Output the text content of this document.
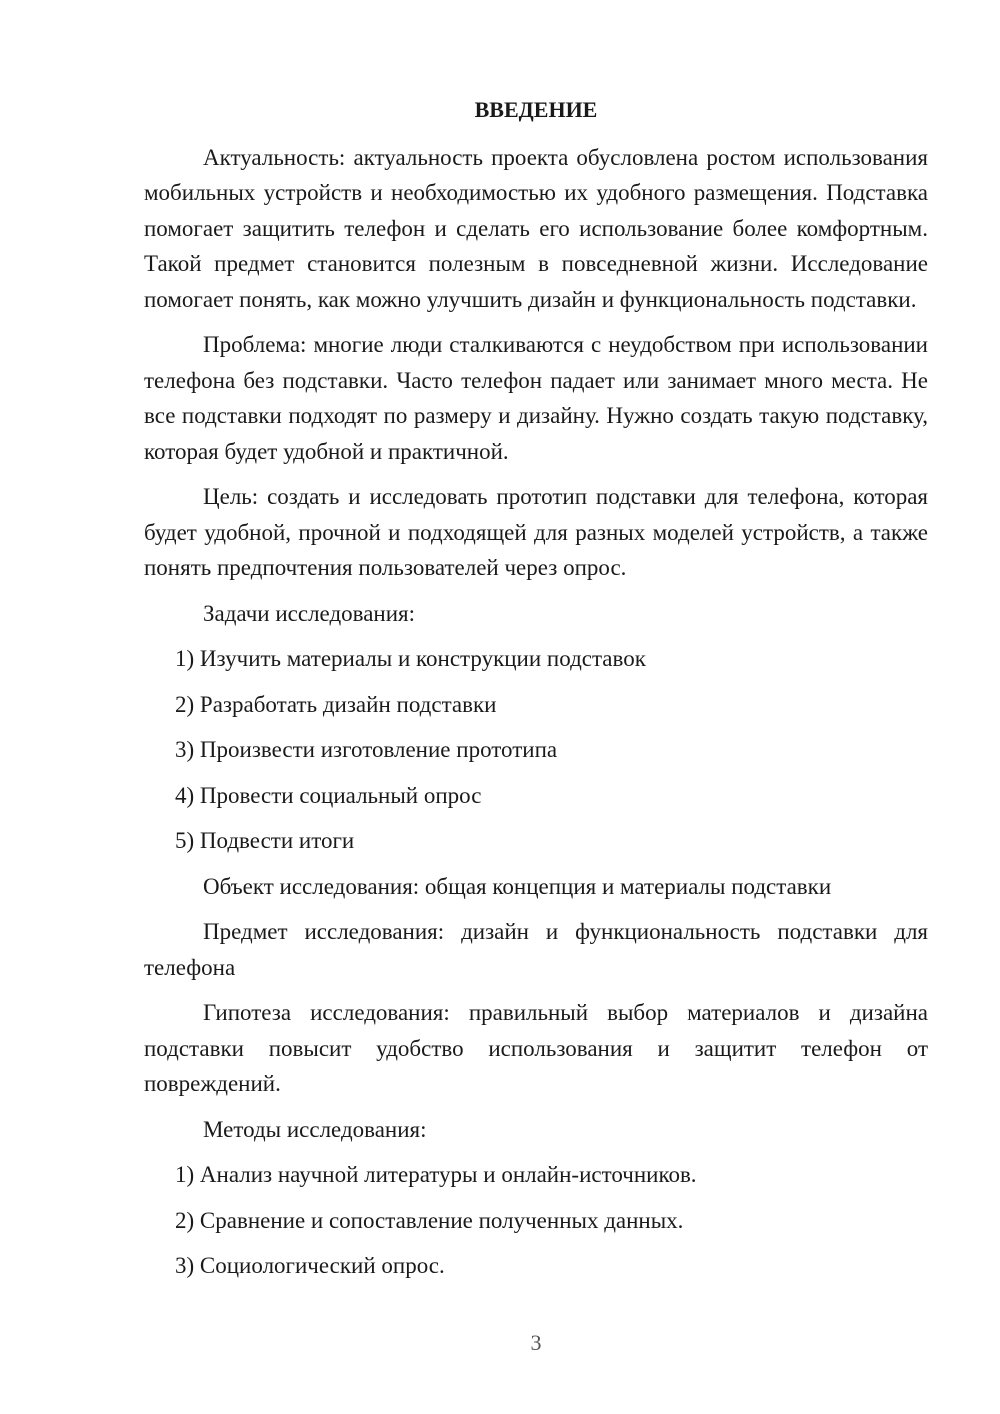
ВВЕДЕНИЕ

Актуальность: актуальность проекта обусловлена ростом использования мобильных устройств и необходимостью их удобного размещения. Подставка помогает защитить телефон и сделать его использование более комфортным. Такой предмет становится полезным в повседневной жизни. Исследование помогает понять, как можно улучшить дизайн и функциональность подставки.

Проблема: многие люди сталкиваются с неудобством при использовании телефона без подставки. Часто телефон падает или занимает много места. Не все подставки подходят по размеру и дизайну. Нужно создать такую подставку, которая будет удобной и практичной.

Цель: создать и исследовать прототип подставки для телефона, которая будет удобной, прочной и подходящей для разных моделей устройств, а также понять предпочтения пользователей через опрос.

Задачи исследования:

1) Изучить материалы и конструкции подставок

2) Разработать дизайн подставки

3) Произвести изготовление прототипа

4) Провести социальный опрос

5) Подвести итоги

Объект исследования: общая концепция и материалы подставки

Предмет исследования: дизайн и функциональность подставки для телефона

Гипотеза исследования: правильный выбор материалов и дизайна подставки повысит удобство использования и защитит телефон от повреждений.

Методы исследования:

1) Анализ научной литературы и онлайн-источников.

2) Сравнение и сопоставление полученных данных.

3) Социологический опрос.

3
